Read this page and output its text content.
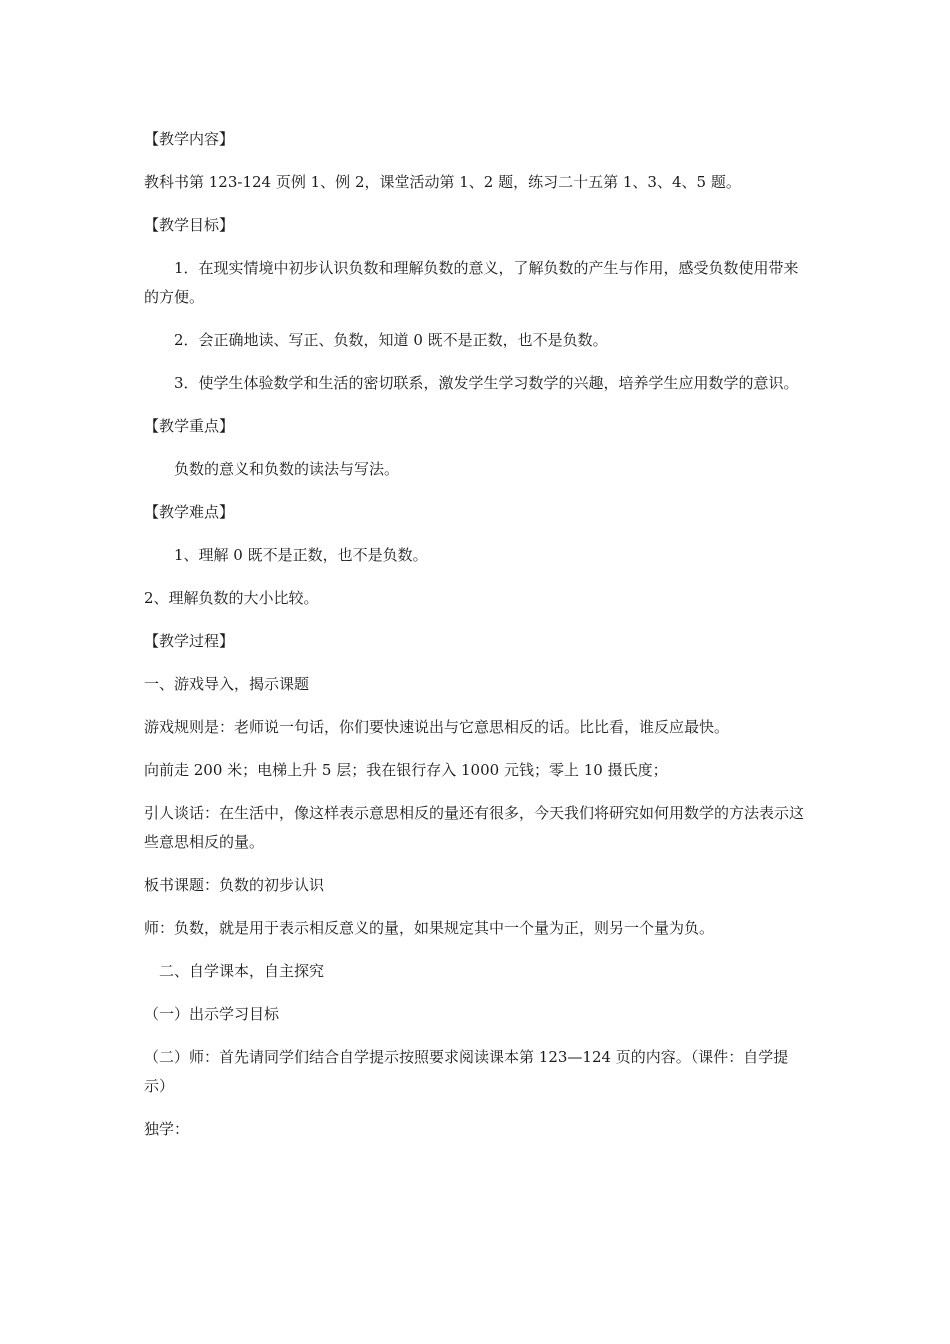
【教学内容】

教科书第 123-124 页例 1、例 2，课堂活动第 1、2 题，练习二十五第 1、3、4、5 题。

【教学目标】

1．在现实情境中初步认识负数和理解负数的意义，了解负数的产生与作用，感受负数使用带来的方便。

2．会正确地读、写正、负数，知道 0 既不是正数，也不是负数。

3．使学生体验数学和生活的密切联系，激发学生学习数学的兴趣，培养学生应用数学的意识。

【教学重点】

负数的意义和负数的读法与写法。

【教学难点】

1、理解 0 既不是正数，也不是负数。

2、理解负数的大小比较。

【教学过程】

一、游戏导入，揭示课题

游戏规则是：老师说一句话，你们要快速说出与它意思相反的话。比比看，谁反应最快。

向前走 200 米；电梯上升 5 层；我在银行存入 1000 元钱；零上 10 摄氏度；

引人谈话：在生活中，像这样表示意思相反的量还有很多，今天我们将研究如何用数学的方法表示这些意思相反的量。

板书课题：负数的初步认识

师：负数，就是用于表示相反意义的量，如果规定其中一个量为正，则另一个量为负。

二、自学课本，自主探究

（一）出示学习目标

（二）师：首先请同学们结合自学提示按照要求阅读课本第 123—124 页的内容。（课件：自学提示）

独学：
